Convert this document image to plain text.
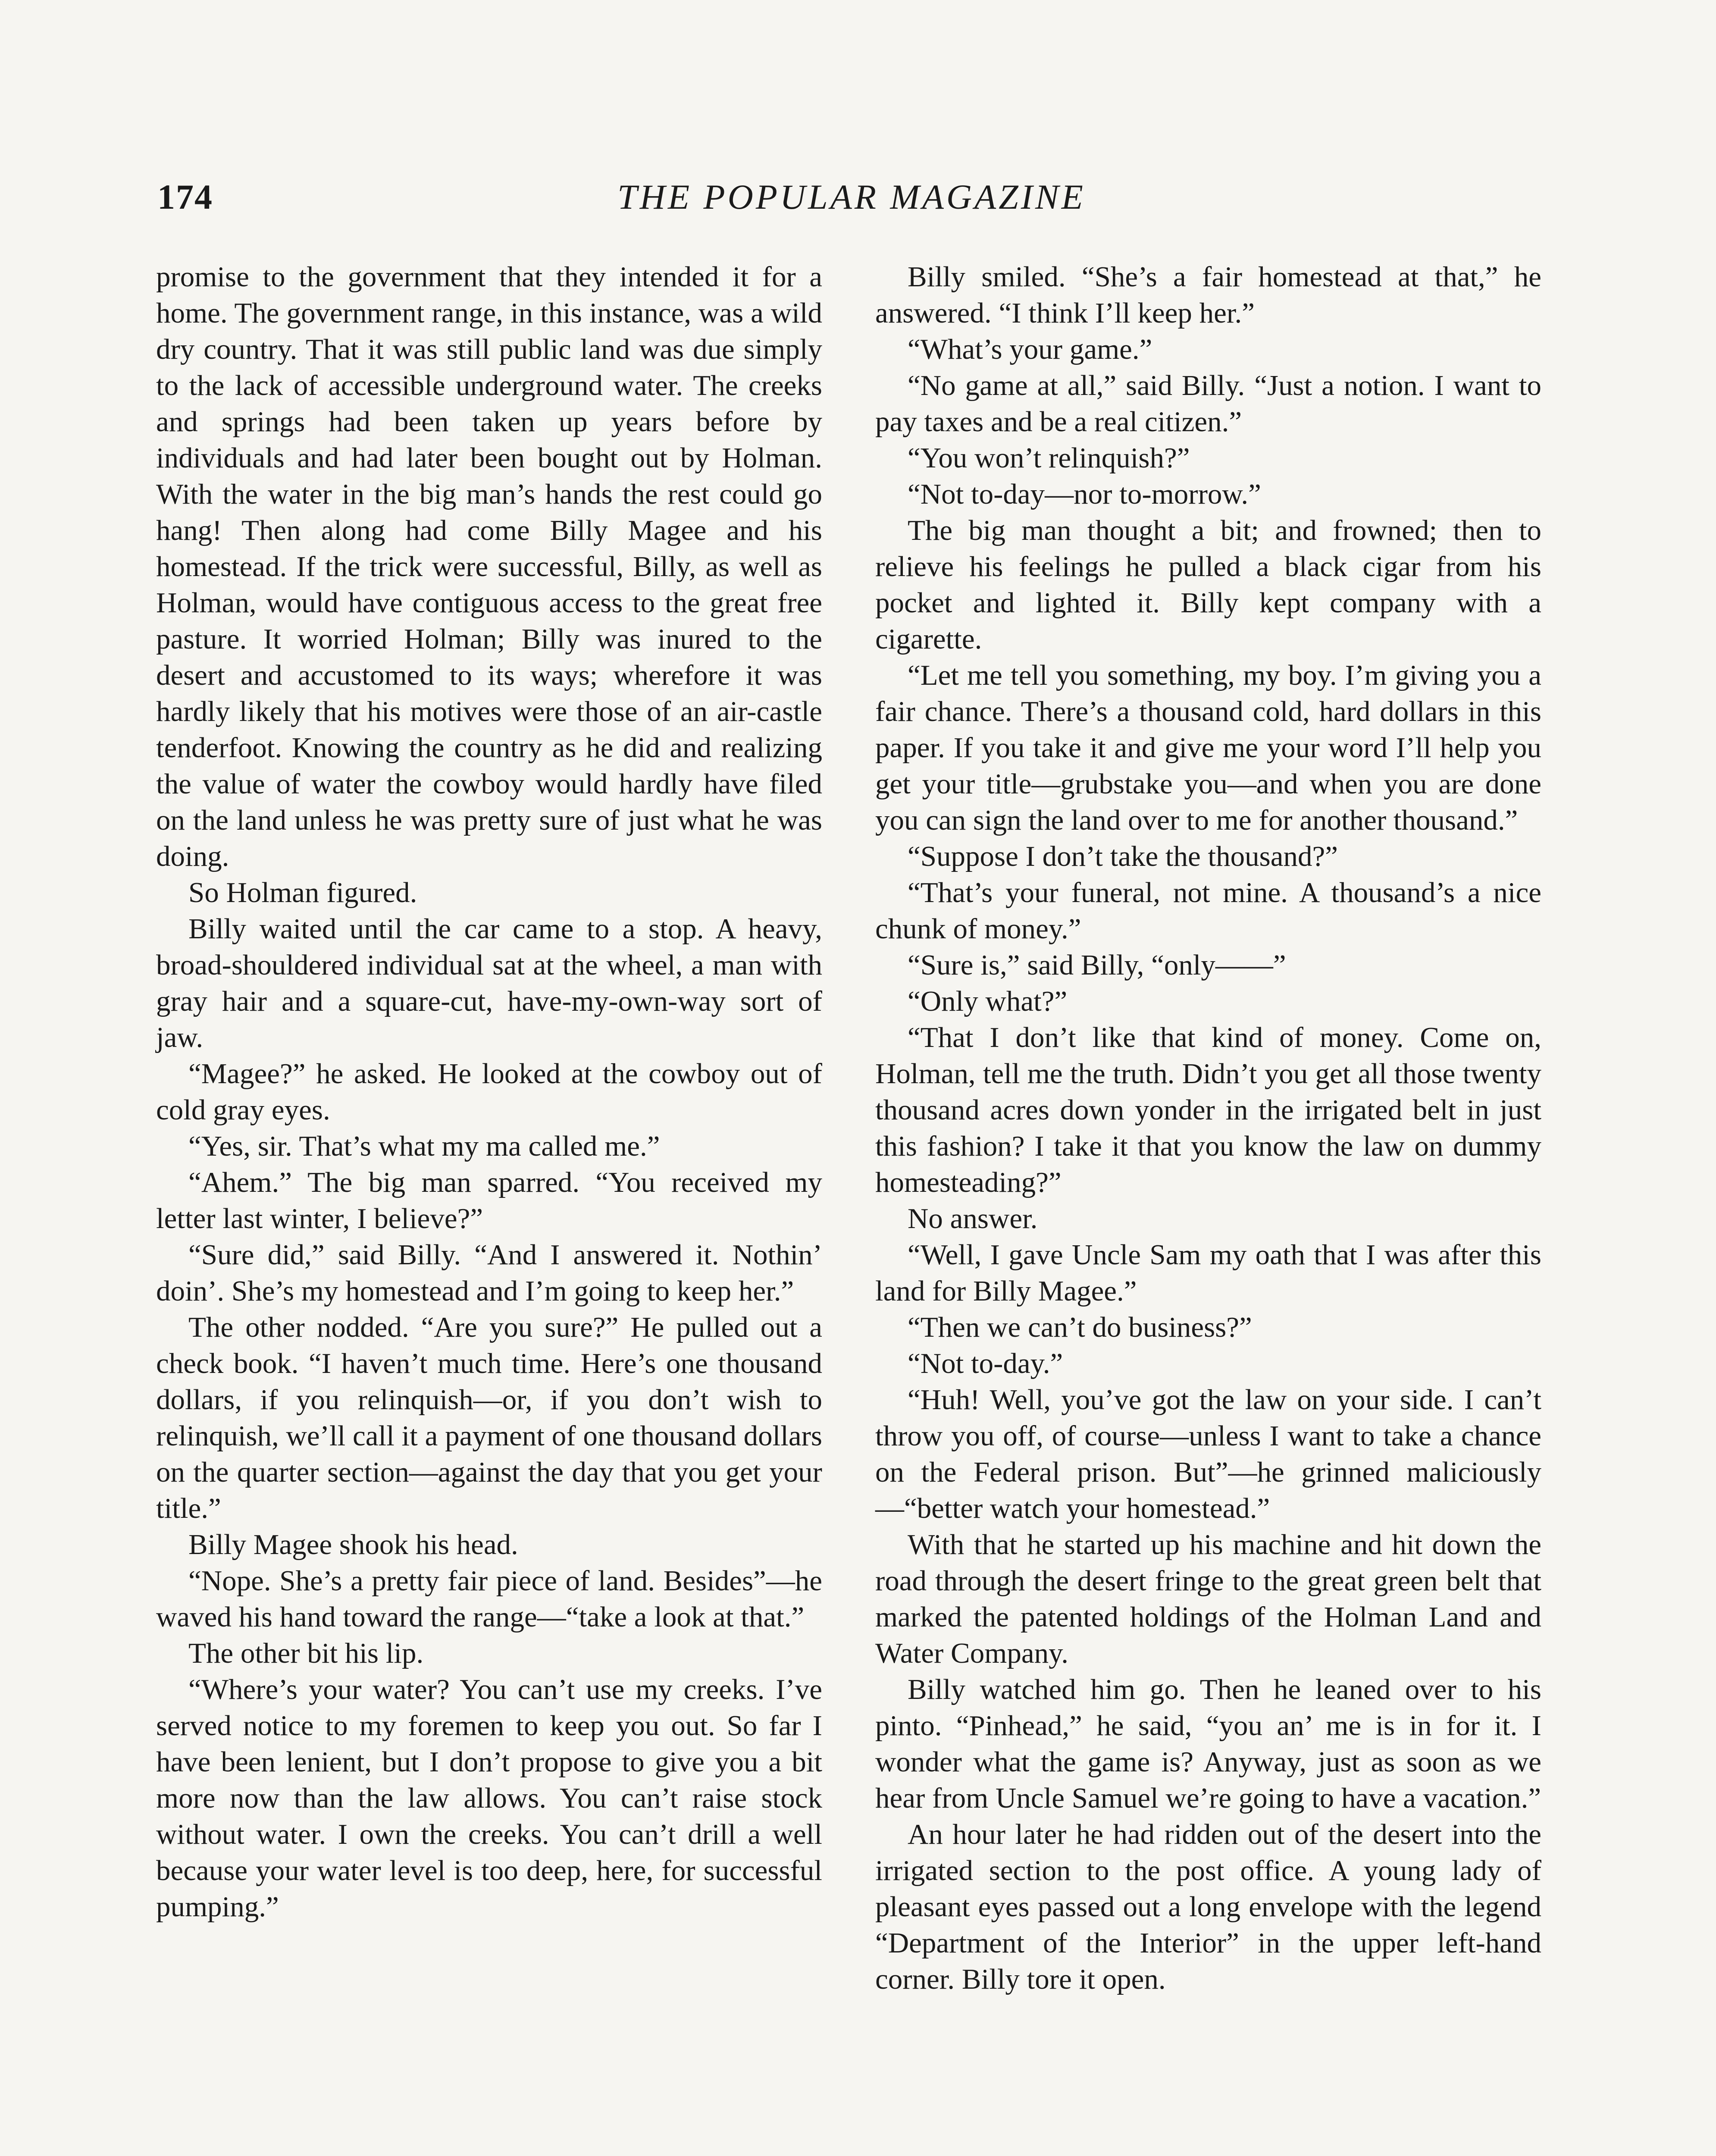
174	THE POPULAR MAGAZINE

promise to the government that they intended it for a home. The government range, in this instance, was a wild dry country. That it was still public land was due simply to the lack of accessible underground water. The creeks and springs had been taken up years before by individuals and had later been bought out by Holman. With the water in the big man’s hands the rest could go hang! Then along had come Billy Magee and his homestead. If the trick were successful, Billy, as well as Holman, would have contiguous access to the great free pasture. It worried Holman; Billy was inured to the desert and accustomed to its ways; wherefore it was hardly likely that his motives were those of an air-castle tenderfoot. Knowing the country as he did and realizing the value of water the cowboy would hardly have filed on the land unless he was pretty sure of just what he was doing.

So Holman figured.

Billy waited until the car came to a stop. A heavy, broad-shouldered individual sat at the wheel, a man with gray hair and a square-cut, have-my-own-way sort of jaw.

“Magee?” he asked. He looked at the cowboy out of cold gray eyes.

“Yes, sir. That’s what my ma called me.”

“Ahem.” The big man sparred. “You received my letter last winter, I believe?”

“Sure did,” said Billy. “And I answered it. Nothin’ doin’. She’s my homestead and I’m going to keep her.”

The other nodded. “Are you sure?” He pulled out a check book. “I haven’t much time. Here’s one thousand dollars, if you relinquish—or, if you don’t wish to relinquish, we’ll call it a payment of one thousand dollars on the quarter section—against the day that you get your title.”

Billy Magee shook his head.

“Nope. She’s a pretty fair piece of land. Besides”—he waved his hand toward the range—“take a look at that.”

The other bit his lip.

“Where’s your water? You can’t use my creeks. I’ve served notice to my foremen to keep you out. So far I have been lenient, but I don’t propose to give you a bit more now than the law allows. You can’t raise stock without water. I own the creeks. You can’t drill a well because your water level is too deep, here, for successful pumping.”

Billy smiled. “She’s a fair homestead at that,” he answered. “I think I’ll keep her.”

“What’s your game.”

“No game at all,” said Billy. “Just a notion. I want to pay taxes and be a real citizen.”

“You won’t relinquish?”

“Not to-day—nor to-morrow.”

The big man thought a bit; and frowned; then to relieve his feelings he pulled a black cigar from his pocket and lighted it. Billy kept company with a cigarette.

“Let me tell you something, my boy. I’m giving you a fair chance. There’s a thousand cold, hard dollars in this paper. If you take it and give me your word I’ll help you get your title—grubstake you—and when you are done you can sign the land over to me for another thousand.”

“Suppose I don’t take the thousand?”

“That’s your funeral, not mine. A thousand’s a nice chunk of money.”

“Sure is,” said Billy, “only——”

“Only what?”

“That I don’t like that kind of money. Come on, Holman, tell me the truth. Didn’t you get all those twenty thousand acres down yonder in the irrigated belt in just this fashion? I take it that you know the law on dummy homesteading?”

No answer.

“Well, I gave Uncle Sam my oath that I was after this land for Billy Magee.”

“Then we can’t do business?”

“Not to-day.”

“Huh! Well, you’ve got the law on your side. I can’t throw you off, of course—unless I want to take a chance on the Federal prison. But”—he grinned maliciously—“better watch your homestead.”

With that he started up his machine and hit down the road through the desert fringe to the great green belt that marked the patented holdings of the Holman Land and Water Company.

Billy watched him go. Then he leaned over to his pinto. “Pinhead,” he said, “you an’ me is in for it. I wonder what the game is? Anyway, just as soon as we hear from Uncle Samuel we’re going to have a vacation.”

An hour later he had ridden out of the desert into the irrigated section to the post office. A young lady of pleasant eyes passed out a long envelope with the legend “Department of the Interior” in the upper left-hand corner. Billy tore it open.
